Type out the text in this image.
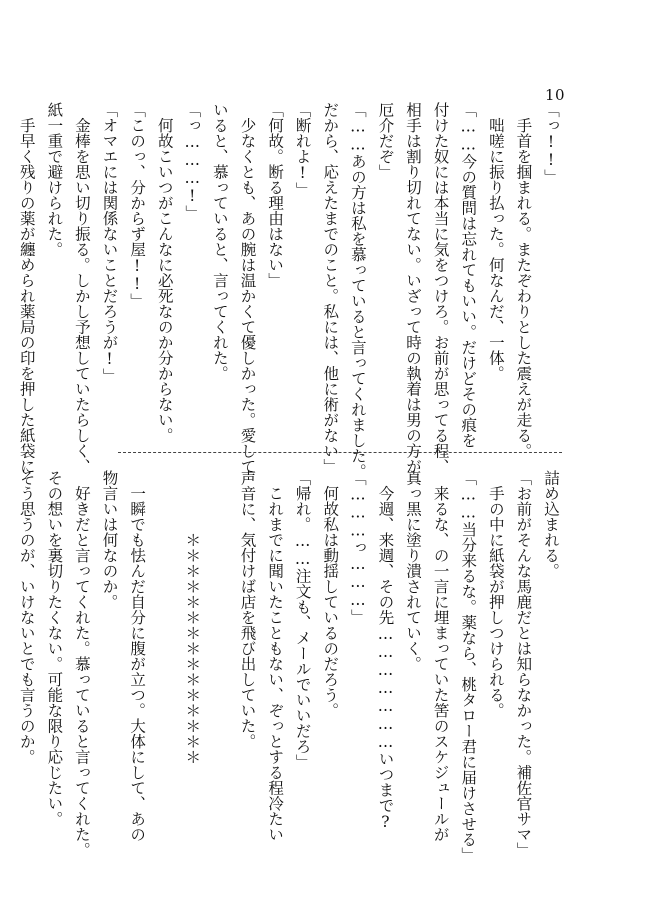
10
「っ!!」
　手首を掴まれる。またぞわりとした震えが走る。
　咄嗟に振り払った。何なんだ、一体。
「……今の質問は忘れてもいい。だけどその痕を
付けた奴には本当に気をつけろ。お前が思ってる程、
相手は割り切れてない。いざって時の執着は男の方が
厄介だぞ」
「……あの方は私を慕っていると言ってくれました。
だから、応えたまでのこと。私には、他に術がない」
「断れよ!」
「何故。断る理由はない」
　少なくとも、あの腕は温かくて優しかった。愛して
いると、慕っていると、言ってくれた。
「っ………!」
　何故こいつがこんなに必死なのか分からない。
「このっ、分からず屋!!」
「オマエには関係ないことだろうが!」
　金棒を思い切り振る。しかし予想していたらしく、
紙一重で避けられた。
　手早く残りの薬が纏められ薬局の印を押した紙袋に
詰め込まれる。
「お前がそんな馬鹿だとは知らなかった。補佐官サマ」
　手の中に紙袋が押しつけられる。
「……当分来るな。薬なら、桃タロー君に届けさせる」
　来るな、の一言に埋まっていた筈のスケジュールが
真っ黒に塗り潰されていく。
　今週、来週、その先…………………いつまで?
「………っ………」
　何故私は動揺しているのだろう。
「帰れ。……注文も、メールでいいだろ」
　これまでに聞いたこともない、ぞっとする程冷たい
声音に、気付けば店を飛び出していた。

　　　　＊＊＊＊＊＊＊＊＊＊＊＊＊＊＊

　一瞬でも怯んだ自分に腹が立つ。大体にして、あの
物言いは何なのか。
　好きだと言ってくれた。慕っていると言ってくれた。
その想いを裏切りたくない。可能な限り応じたい。
そう思うのが、いけないとでも言うのか。
